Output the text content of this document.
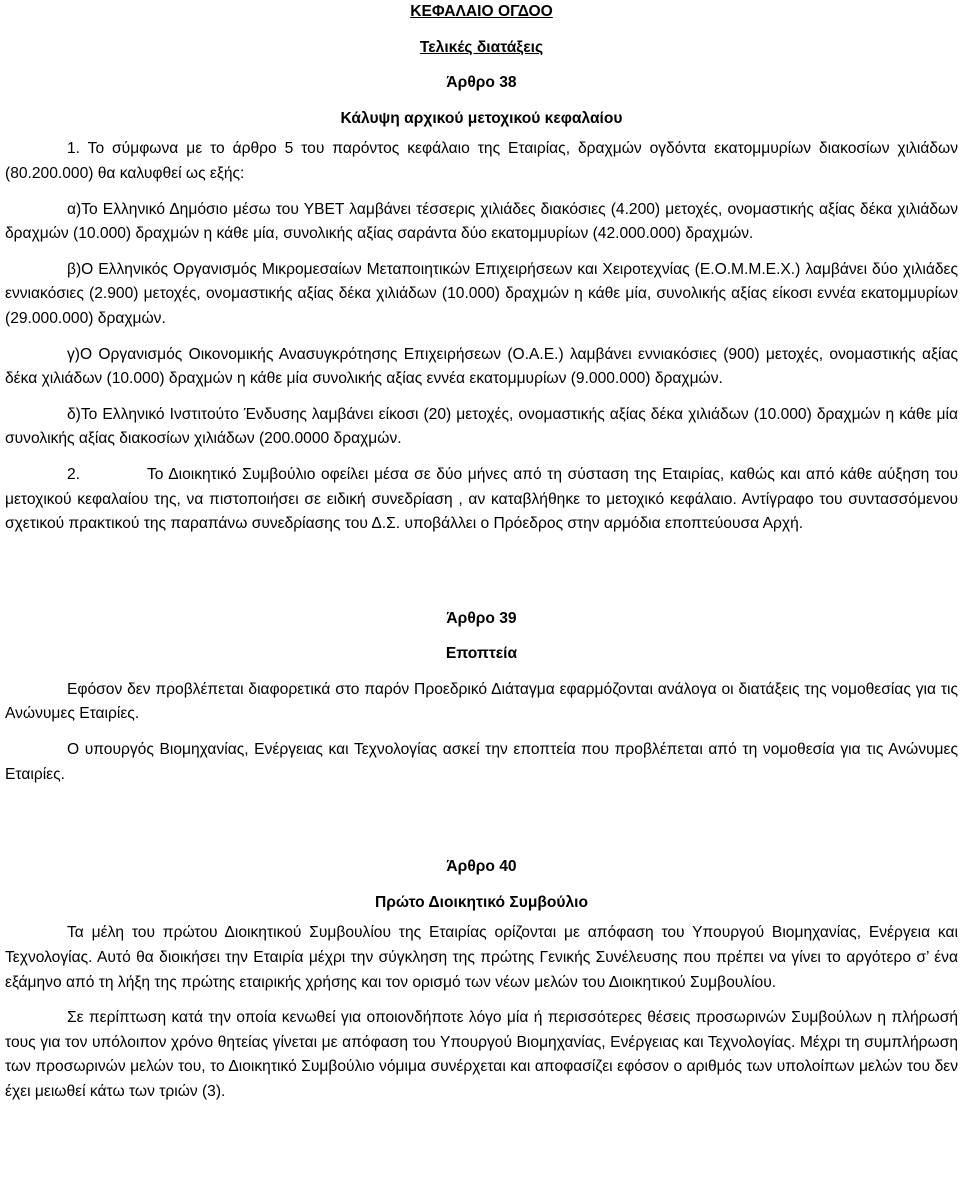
ΚΕΦΑΛΑΙΟ ΟΓΔΟΟ
Τελικές διατάξεις
Άρθρο 38
Κάλυψη αρχικού μετοχικού κεφαλαίου

1. Το σύμφωνα με το άρθρο 5 του παρόντος κεφάλαιο της Εταιρίας, δραχμών ογδόντα εκατομμυρίων διακοσίων χιλιάδων (80.200.000) θα καλυφθεί ως εξής:

α)Το Ελληνικό Δημόσιο μέσω του ΥΒΕΤ λαμβάνει τέσσερις χιλιάδες διακόσιες (4.200) μετοχές, ονομαστικής αξίας δέκα χιλιάδων δραχμών (10.000) δραχμών η κάθε μία, συνολικής αξίας σαράντα δύο εκατομμυρίων (42.000.000) δραχμών.

β)Ο Ελληνικός Οργανισμός Μικρομεσαίων Μεταποιητικών Επιχειρήσεων και Χειροτεχνίας (Ε.Ο.Μ.Μ.Ε.Χ.) λαμβάνει δύο χιλιάδες εννιακόσιες (2.900) μετοχές, ονομαστικής αξίας δέκα χιλιάδων (10.000) δραχμών η κάθε μία, συνολικής αξίας είκοσι εννέα εκατομμυρίων (29.000.000) δραχμών.

γ)Ο Οργανισμός Οικονομικής Ανασυγκρότησης Επιχειρήσεων (Ο.Α.Ε.) λαμβάνει εννιακόσιες (900) μετοχές, ονομαστικής αξίας δέκα χιλιάδων (10.000) δραχμών η κάθε μία συνολικής αξίας εννέα εκατομμυρίων (9.000.000) δραχμών.

δ)Το Ελληνικό Ινστιτούτο Ένδυσης λαμβάνει είκοσι (20) μετοχές, ονομαστικής αξίας δέκα χιλιάδων (10.000) δραχμών η κάθε μία συνολικής αξίας διακοσίων χιλιάδων (200.0000 δραχμών.

2.	Το Διοικητικό Συμβούλιο οφείλει μέσα σε δύο μήνες από τη σύσταση της Εταιρίας, καθώς και από κάθε αύξηση του μετοχικού κεφαλαίου της, να πιστοποιήσει σε ειδική συνεδρίαση , αν καταβλήθηκε το μετοχικό κεφάλαιο. Αντίγραφο του συντασσόμενου σχετικού πρακτικού της παραπάνω συνεδρίασης του Δ.Σ. υποβάλλει ο Πρόεδρος στην αρμόδια εποπτεύουσα Αρχή.

Άρθρο 39
Εποπτεία

Εφόσον δεν προβλέπεται διαφορετικά στο παρόν Προεδρικό Διάταγμα εφαρμόζονται ανάλογα οι διατάξεις της νομοθεσίας για τις Ανώνυμες Εταιρίες.

Ο υπουργός Βιομηχανίας, Ενέργειας και Τεχνολογίας ασκεί την εποπτεία που προβλέπεται από τη νομοθεσία για τις Ανώνυμες Εταιρίες.

Άρθρο 40
Πρώτο Διοικητικό Συμβούλιο

Τα μέλη του πρώτου Διοικητικού Συμβουλίου της Εταιρίας ορίζονται με απόφαση του Υπουργού Βιομηχανίας, Ενέργεια και Τεχνολογίας. Αυτό θα διοικήσει την Εταιρία μέχρι την σύγκληση της πρώτης Γενικής Συνέλευσης που πρέπει να γίνει το αργότερο σ’ ένα εξάμηνο από τη λήξη της πρώτης εταιρικής χρήσης και τον ορισμό των νέων μελών του Διοικητικού Συμβουλίου.

Σε περίπτωση κατά την οποία κενωθεί για οποιονδήποτε λόγο μία ή περισσότερες θέσεις προσωρινών Συμβούλων η πλήρωσή τους για τον υπόλοιπον χρόνο θητείας γίνεται με απόφαση του Υπουργού Βιομηχανίας, Ενέργειας και Τεχνολογίας. Μέχρι τη συμπλήρωση των προσωρινών μελών του, το Διοικητικό Συμβούλιο νόμιμα συνέρχεται και αποφασίζει εφόσον ο αριθμός των υπολοίπων μελών του δεν έχει μειωθεί κάτω των τριών (3).
